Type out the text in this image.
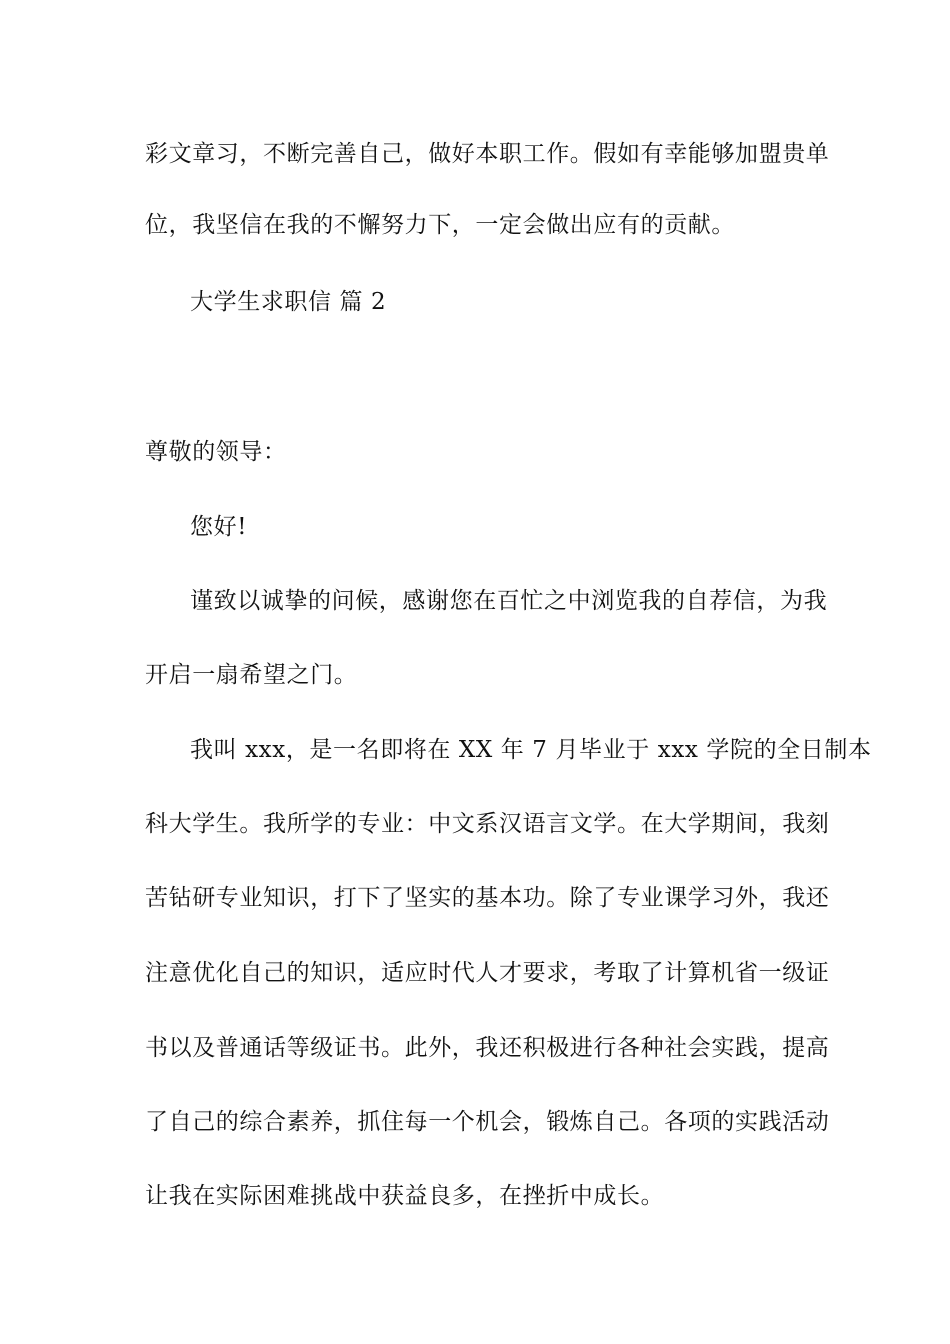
彩文章习，不断完善自己，做好本职工作。假如有幸能够加盟贵单
位，我坚信在我的不懈努力下，一定会做出应有的贡献。
大学生求职信 篇 2
尊敬的领导：
您好!
谨致以诚挚的问候，感谢您在百忙之中浏览我的自荐信，为我
开启一扇希望之门。
我叫 xxx，是一名即将在 XX 年 7 月毕业于 xxx 学院的全日制本
科大学生。我所学的专业：中文系汉语言文学。在大学期间，我刻
苦钻研专业知识，打下了坚实的基本功。除了专业课学习外，我还
注意优化自己的知识，适应时代人才要求，考取了计算机省一级证
书以及普通话等级证书。此外，我还积极进行各种社会实践，提高
了自己的综合素养，抓住每一个机会，锻炼自己。各项的实践活动
让我在实际困难挑战中获益良多，在挫折中成长。
